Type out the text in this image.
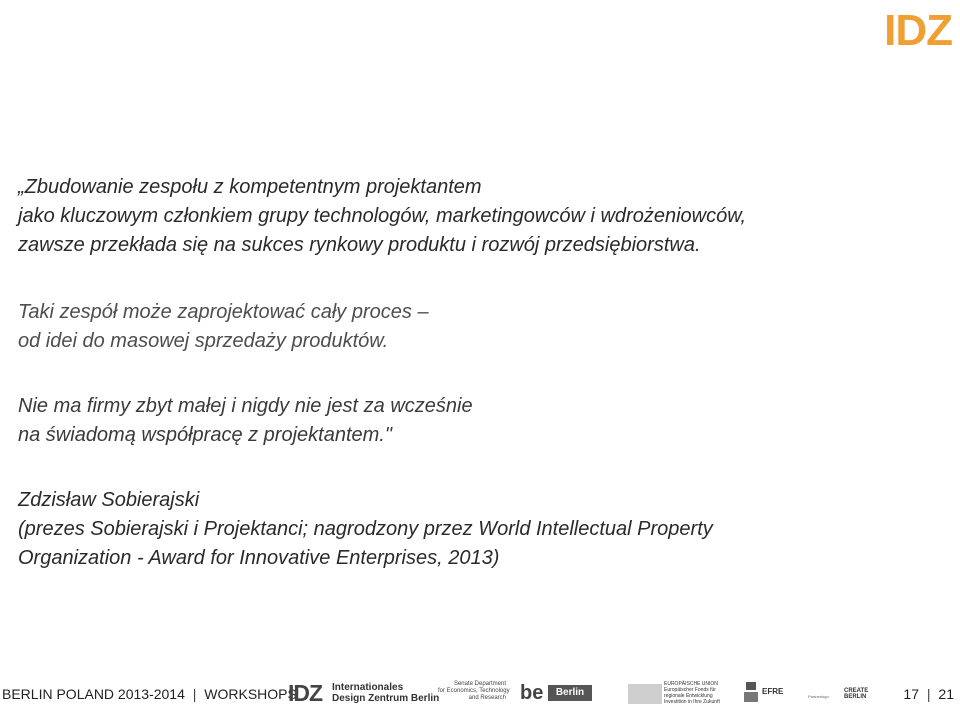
IDZ
„Zbudowanie zespołu z kompetentnym projektantem
jako kluczowym członkiem grupy technologów, marketingowców i wdrożeniowców,
zawsze przekłada się na sukces rynkowy produktu i rozwój przedsiębiorstwa.
Taki zespół może zaprojektować cały proces –
od idei do masowej sprzedaży produktów.
Nie ma firmy zbyt małej i nigdy nie jest za wcześnie
na świadomą współpracę z projektantem."
Zdzisław Sobierajski
(prezes Sobierajski i Projektanci; nagrodzony przez World Intellectual Property
Organization - Award for Innovative Enterprises, 2013)
BERLIN POLAND 2013-2014 | WORKSHOPS
IDZ Internationales
Design Zentrum Berlin
Senate Department
for Economics, Technology
and Research be	Berlin
EUROPÄISCHE UNION
Europäischer Fonds für
regionale Entwicklung
Investition in Ihre Zukunft
EFRE
Partnerlogo
CREATE
BERLIN	17 | 21
